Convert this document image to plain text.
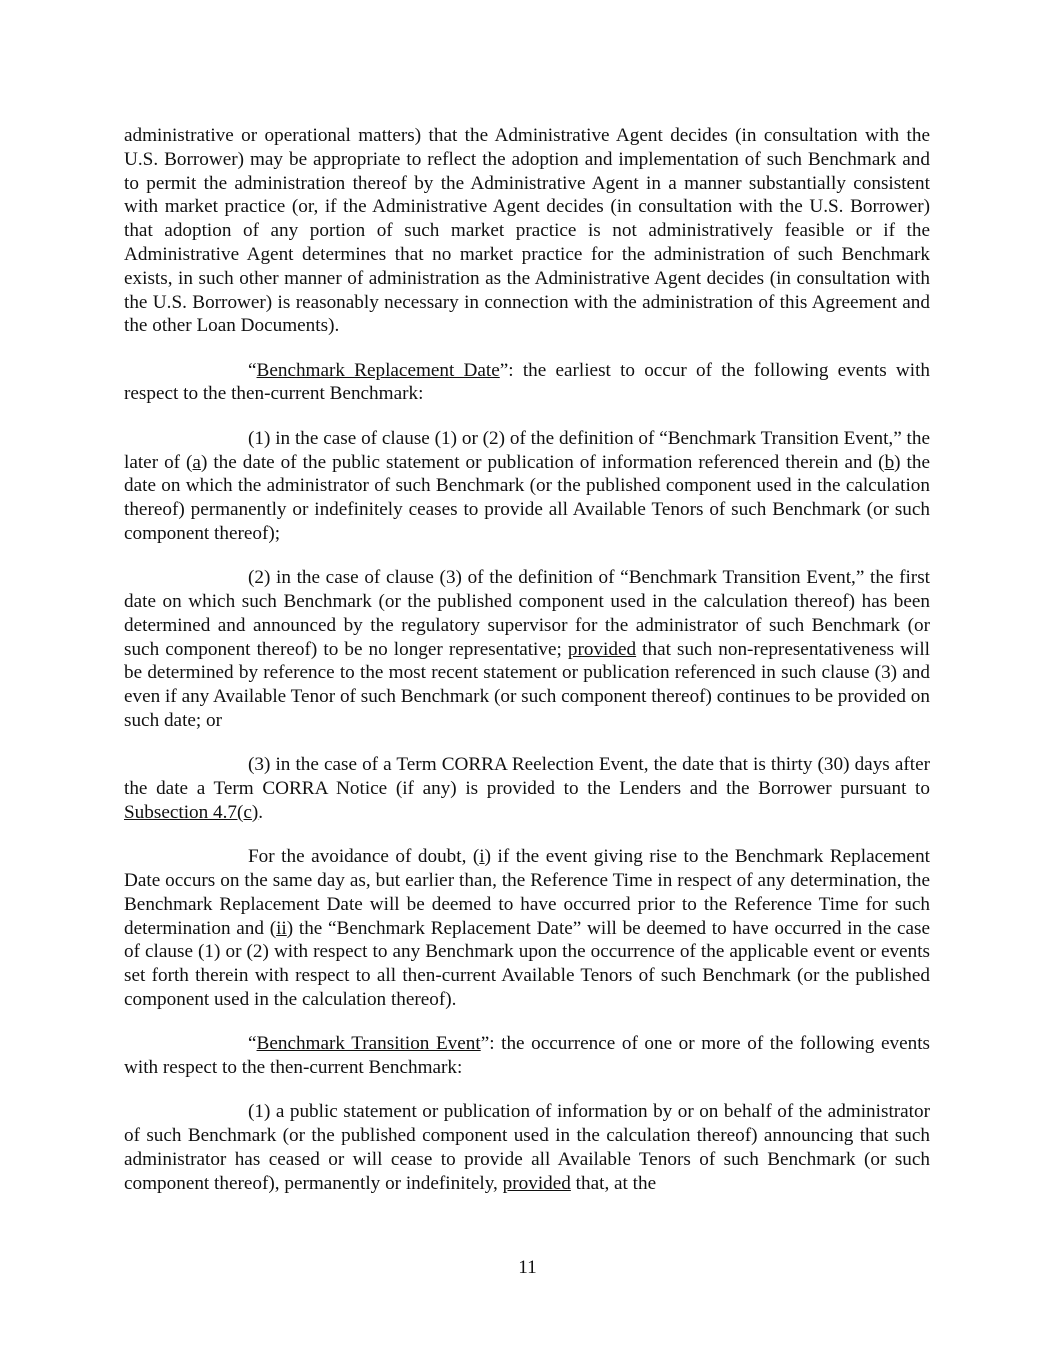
administrative or operational matters) that the Administrative Agent decides (in consultation with the U.S. Borrower) may be appropriate to reflect the adoption and implementation of such Benchmark and to permit the administration thereof by the Administrative Agent in a manner substantially consistent with market practice (or, if the Administrative Agent decides (in consultation with the U.S. Borrower) that adoption of any portion of such market practice is not administratively feasible or if the Administrative Agent determines that no market practice for the administration of such Benchmark exists, in such other manner of administration as the Administrative Agent decides (in consultation with the U.S. Borrower) is reasonably necessary in connection with the administration of this Agreement and the other Loan Documents).

“Benchmark Replacement Date”: the earliest to occur of the following events with respect to the then-current Benchmark:

(1) in the case of clause (1) or (2) of the definition of “Benchmark Transition Event,” the later of (a) the date of the public statement or publication of information referenced therein and (b) the date on which the administrator of such Benchmark (or the published component used in the calculation thereof) permanently or indefinitely ceases to provide all Available Tenors of such Benchmark (or such component thereof);

(2) in the case of clause (3) of the definition of “Benchmark Transition Event,” the first date on which such Benchmark (or the published component used in the calculation thereof) has been determined and announced by the regulatory supervisor for the administrator of such Benchmark (or such component thereof) to be no longer representative; provided that such non-representativeness will be determined by reference to the most recent statement or publication referenced in such clause (3) and even if any Available Tenor of such Benchmark (or such component thereof) continues to be provided on such date; or

(3) in the case of a Term CORRA Reelection Event, the date that is thirty (30) days after the date a Term CORRA Notice (if any) is provided to the Lenders and the Borrower pursuant to Subsection 4.7(c).

For the avoidance of doubt, (i) if the event giving rise to the Benchmark Replacement Date occurs on the same day as, but earlier than, the Reference Time in respect of any determination, the Benchmark Replacement Date will be deemed to have occurred prior to the Reference Time for such determination and (ii) the “Benchmark Replacement Date” will be deemed to have occurred in the case of clause (1) or (2) with respect to any Benchmark upon the occurrence of the applicable event or events set forth therein with respect to all then-current Available Tenors of such Benchmark (or the published component used in the calculation thereof).

“Benchmark Transition Event”: the occurrence of one or more of the following events with respect to the then-current Benchmark:

(1) a public statement or publication of information by or on behalf of the administrator of such Benchmark (or the published component used in the calculation thereof) announcing that such administrator has ceased or will cease to provide all Available Tenors of such Benchmark (or such component thereof), permanently or indefinitely, provided that, at the

11
